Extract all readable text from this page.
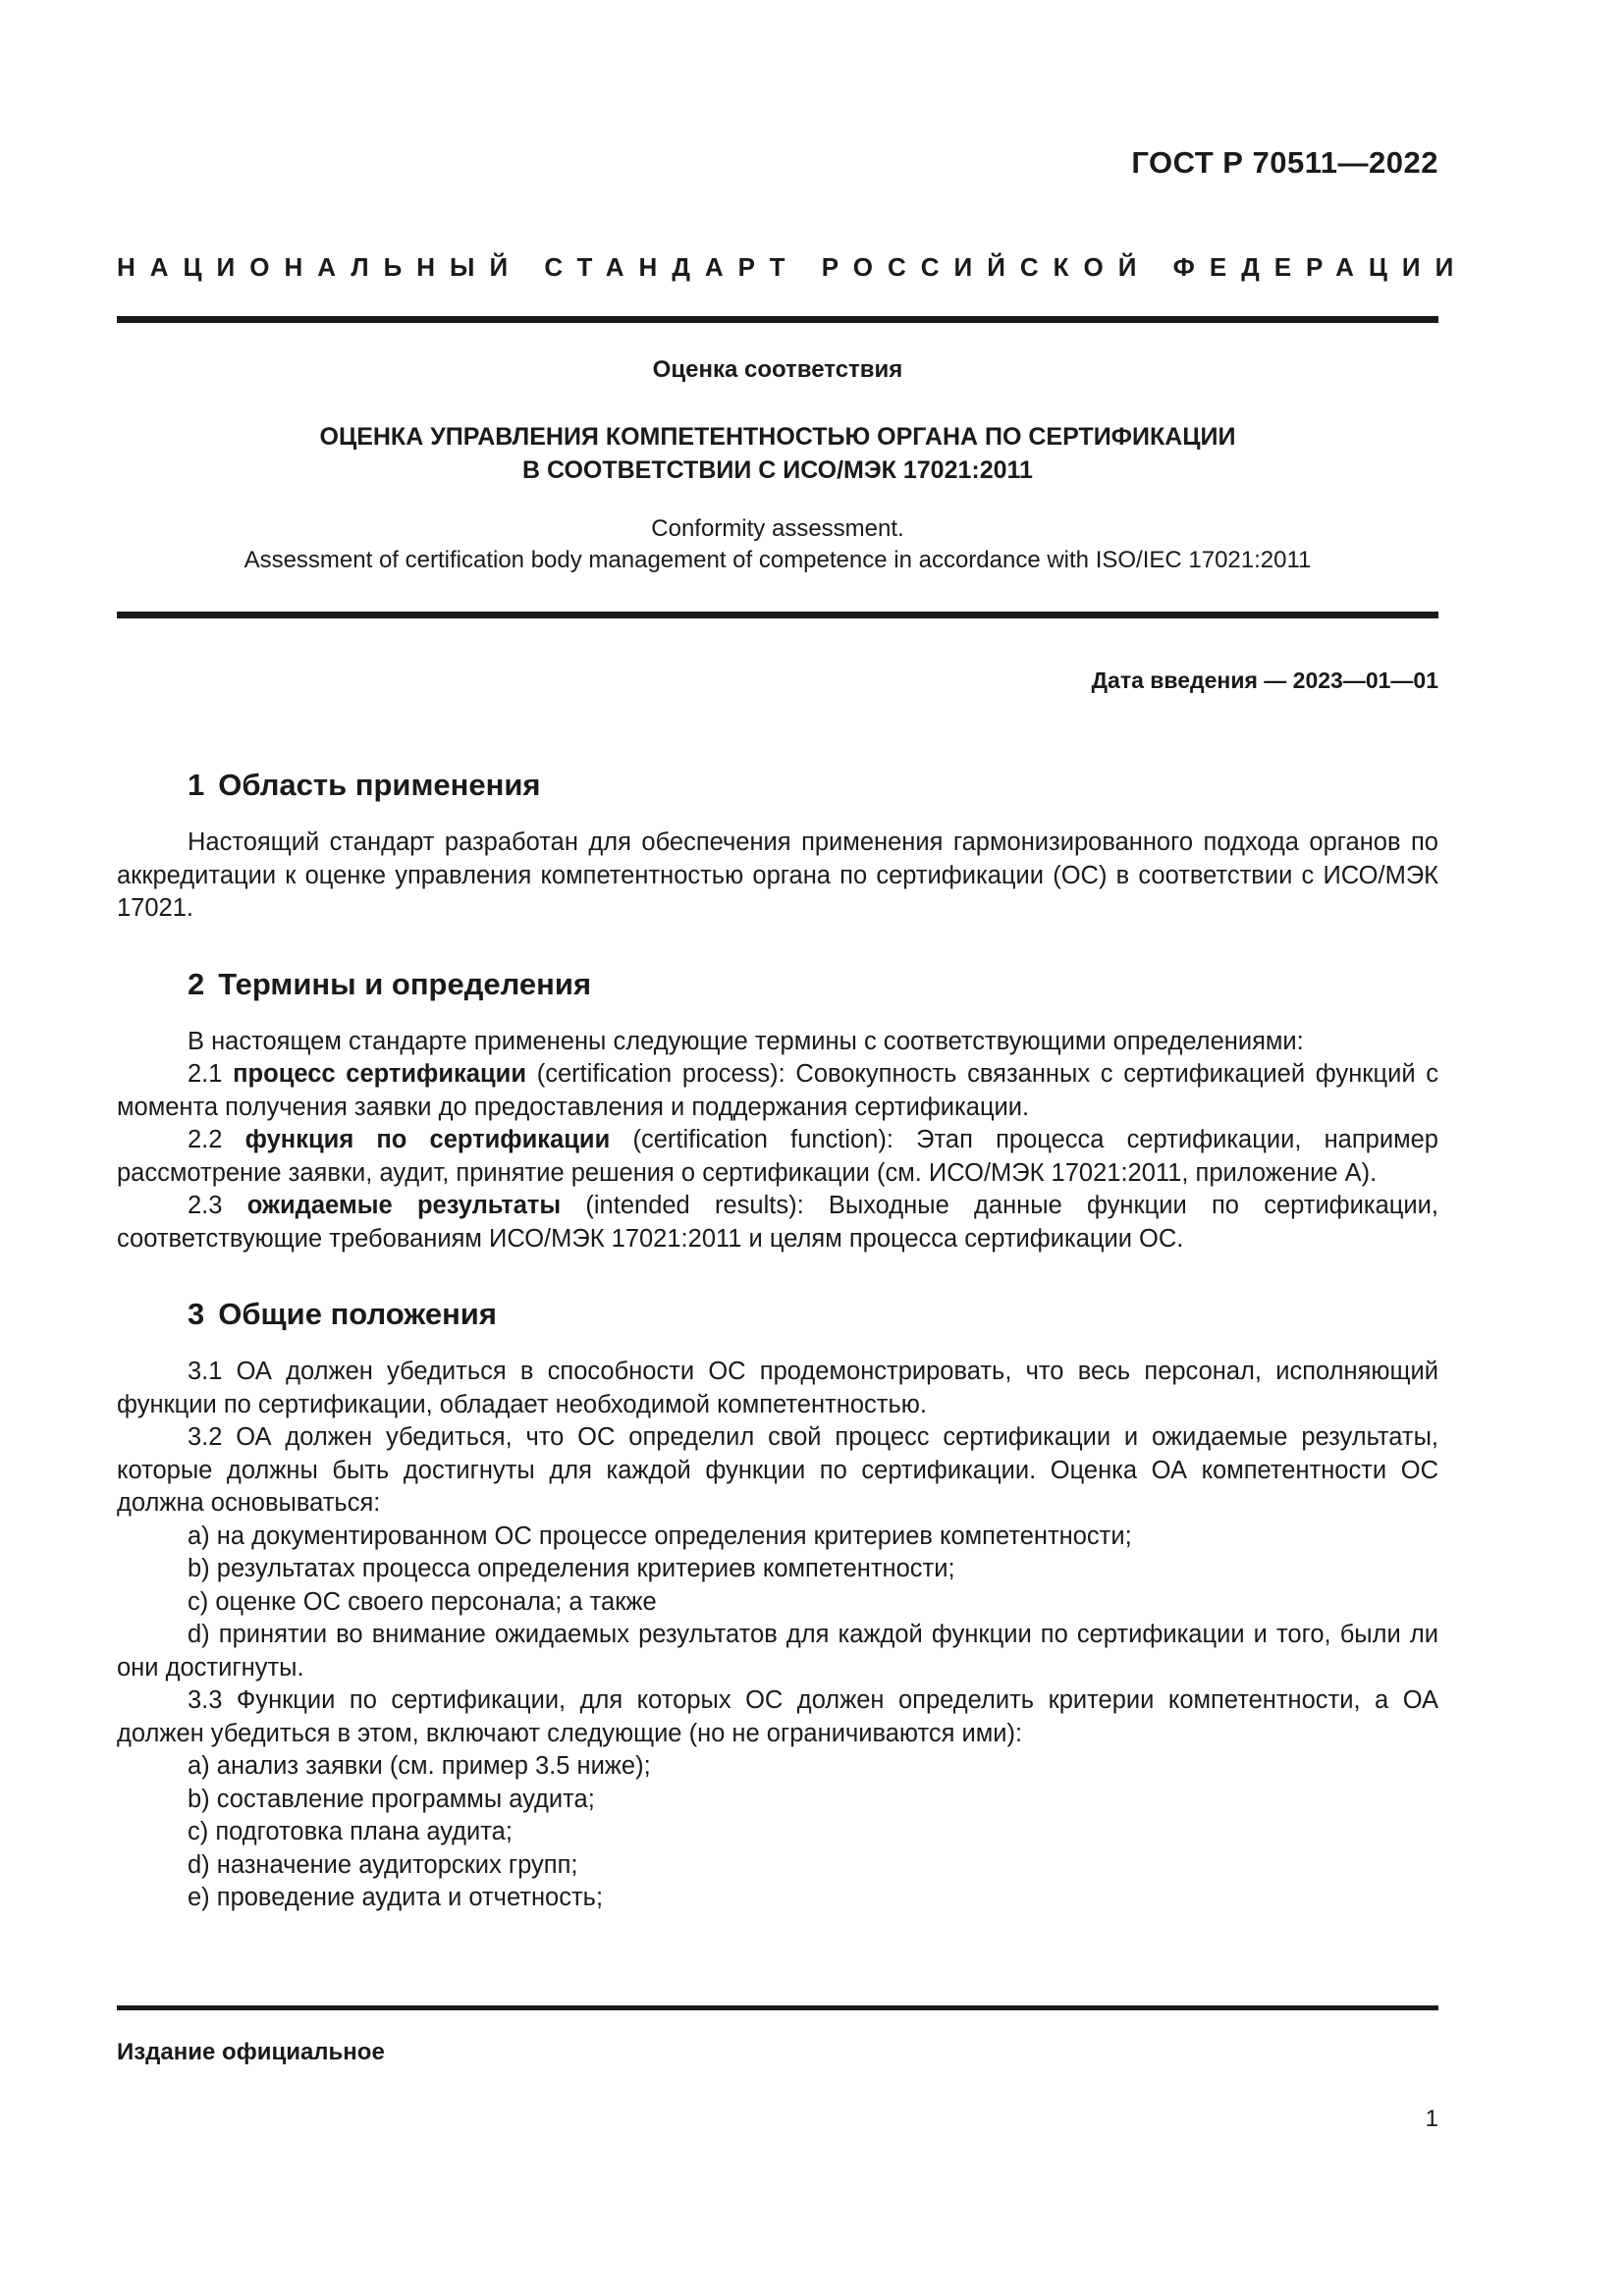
ГОСТ Р 70511—2022
НАЦИОНАЛЬНЫЙ СТАНДАРТ РОССИЙСКОЙ ФЕДЕРАЦИИ
Оценка соответствия
ОЦЕНКА УПРАВЛЕНИЯ КОМПЕТЕНТНОСТЬЮ ОРГАНА ПО СЕРТИФИКАЦИИ
В СООТВЕТСТВИИ С ИСО/МЭК 17021:2011
Conformity assessment.
Assessment of certification body management of competence in accordance with ISO/IEC 17021:2011
Дата введения — 2023—01—01
1 Область применения

Настоящий стандарт разработан для обеспечения применения гармонизированного подхода органов по аккредитации к оценке управления компетентностью органа по сертификации (ОС) в соответствии с ИСО/МЭК 17021.

2 Термины и определения

В настоящем стандарте применены следующие термины с соответствующими определениями:

2.1 процесс сертификации (certification process): Совокупность связанных с сертификацией функций с момента получения заявки до предоставления и поддержания сертификации.

2.2 функция по сертификации (certification function): Этап процесса сертификации, например рассмотрение заявки, аудит, принятие решения о сертификации (см. ИСО/МЭК 17021:2011, приложение А).

2.3 ожидаемые результаты (intended results): Выходные данные функции по сертификации, соответствующие требованиям ИСО/МЭК 17021:2011 и целям процесса сертификации ОС.

3 Общие положения

3.1 ОА должен убедиться в способности ОС продемонстрировать, что весь персонал, исполняющий функции по сертификации, обладает необходимой компетентностью.

3.2 ОА должен убедиться, что ОС определил свой процесс сертификации и ожидаемые результаты, которые должны быть достигнуты для каждой функции по сертификации. Оценка ОА компетентности ОС должна основываться:

a) на документированном ОС процессе определения критериев компетентности;

b) результатах процесса определения критериев компетентности;

c) оценке ОС своего персонала; а также

d) принятии во внимание ожидаемых результатов для каждой функции по сертификации и того, были ли они достигнуты.

3.3 Функции по сертификации, для которых ОС должен определить критерии компетентности, а ОА должен убедиться в этом, включают следующие (но не ограничиваются ими):

a) анализ заявки (см. пример 3.5 ниже);

b) составление программы аудита;

c) подготовка плана аудита;

d) назначение аудиторских групп;

e) проведение аудита и отчетность;

Издание официальное
1
